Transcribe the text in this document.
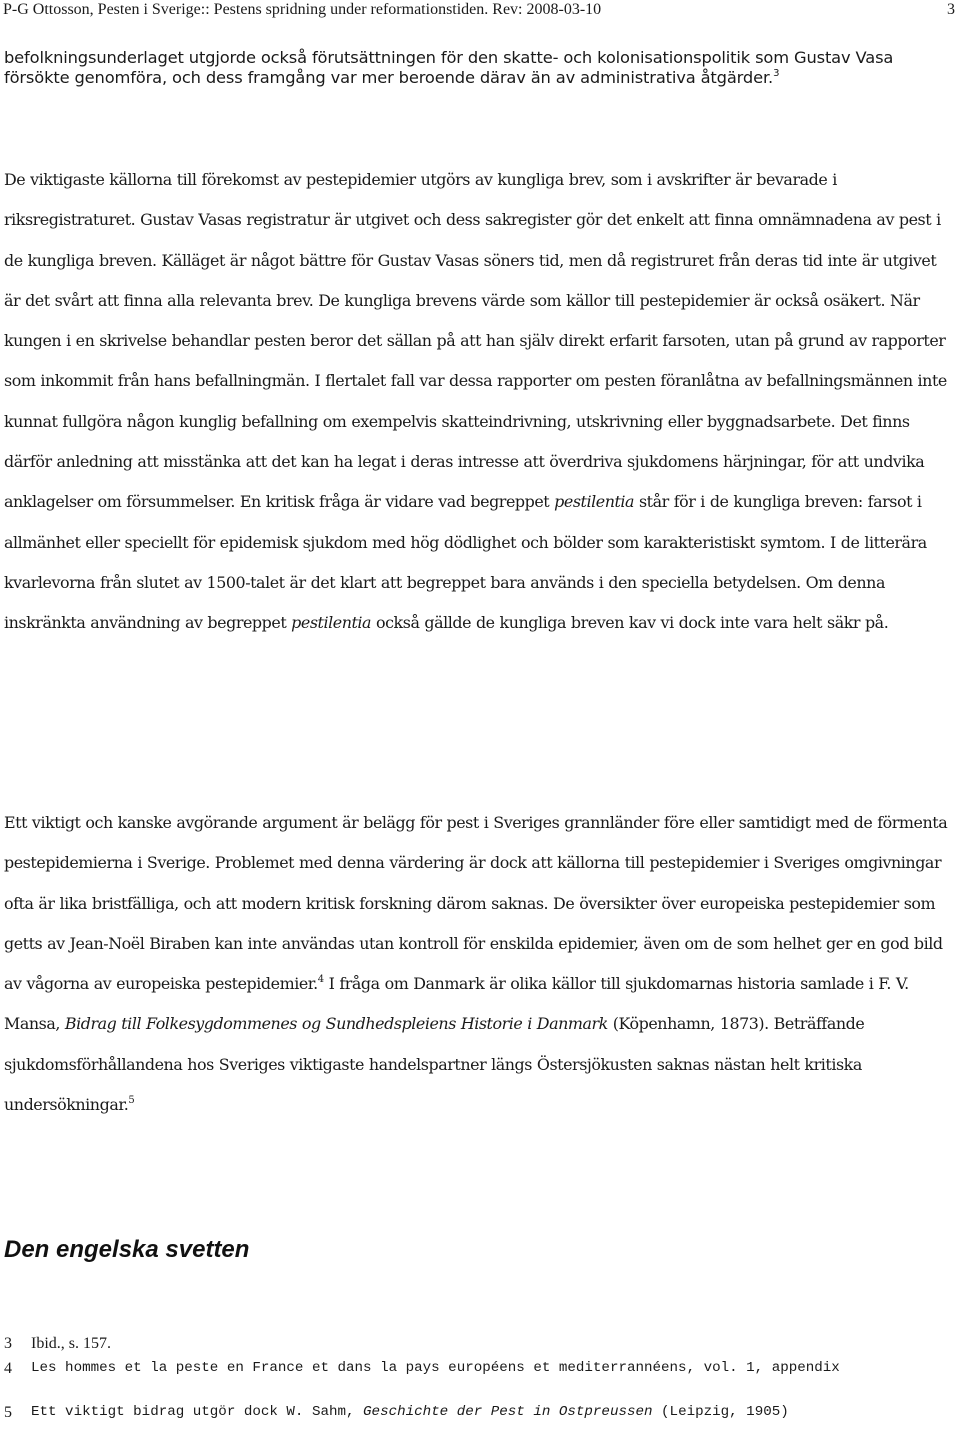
P-G Ottosson, Pesten i Sverige:: Pestens spridning under reformationstiden. Rev: 2008-03-10	3

befolkningsunderlaget utgjorde också förutsättningen för den skatte- och kolonisationspolitik som Gustav Vasa försökte genomföra, och dess framgång var mer beroende därav än av administrativa åtgärder.$^3$

De viktigaste källorna till förekomst av pestepidemier utgörs av kungliga brev, som i avskrifter är bevarade i riksregistraturet. Gustav Vasas registratur är utgivet och dess sakregister gör det enkelt att finna omnämnadena av pest i de kungliga breven. Källäget är något bättre för Gustav Vasas söners tid, men då registruret från deras tid inte är utgivet är det svårt att finna alla relevanta brev. De kungliga brevens värde som källor till pestepidemier är också osäkert. När kungen i en skrivelse behandlar pesten beror det sällan på att han själv direkt erfarit farsoten, utan på grund av rapporter som inkommit från hans befallningmän. I flertalet fall var dessa rapporter om pesten föranlåtna av befallningsmännen inte kunnat fullgöra någon kunglig befallning om exempelvis skatteindrivning, utskrivning eller byggnadsarbete. Det finns därför anledning att misstänka att det kan ha legat i deras intresse att överdriva sjukdomens härjningar, för att undvika anklagelser om försummelser. En kritisk fråga är vidare vad begreppet pestilentia står för i de kungliga breven: farsot i allmänhet eller speciellt för epidemisk sjukdom med hög dödlighet och bölder som karakteristiskt symtom. I de litterära kvarlevorna från slutet av 1500-talet är det klart att begreppet bara används i den speciella betydelsen. Om denna inskränkta användning av begreppet pestilentia också gällde de kungliga breven kav vi dock inte vara helt säkr på.

Ett viktigt och kanske avgörande argument är belägg för pest i Sveriges grannländer före eller samtidigt med de förmenta pestepidemierna i Sverige. Problemet med denna värdering är dock att källorna till pestepidemier i Sveriges omgivningar ofta är lika bristfälliga, och att modern kritisk forskning därom saknas. De översikter över europeiska pestepidemier som getts av Jean-Noël Biraben kan inte användas utan kontroll för enskilda epidemier, även om de som helhet ger en god bild av vågorna av europeiska pestepidemier.$^4$ I fråga om Danmark är olika källor till sjukdomarnas historia samlade i F. V. Mansa, Bidrag till Folkesygdommenes og Sundhedspleiens Historie i Danmark (Köpenhamn, 1873). Beträffande sjukdomsförhållandena hos Sveriges viktigaste handelspartner längs Östersjökusten saknas nästan helt kritiska undersökningar.$^5$

Den engelska svetten

3 Ibid., s. 157.

4 Les hommes et la peste en France et dans la pays européens et mediterrannéens, vol. 1, appendix

5 Ett viktigt bidrag utgör dock W. Sahm, Geschichte der Pest in Ostpreussen (Leipzig, 1905)
